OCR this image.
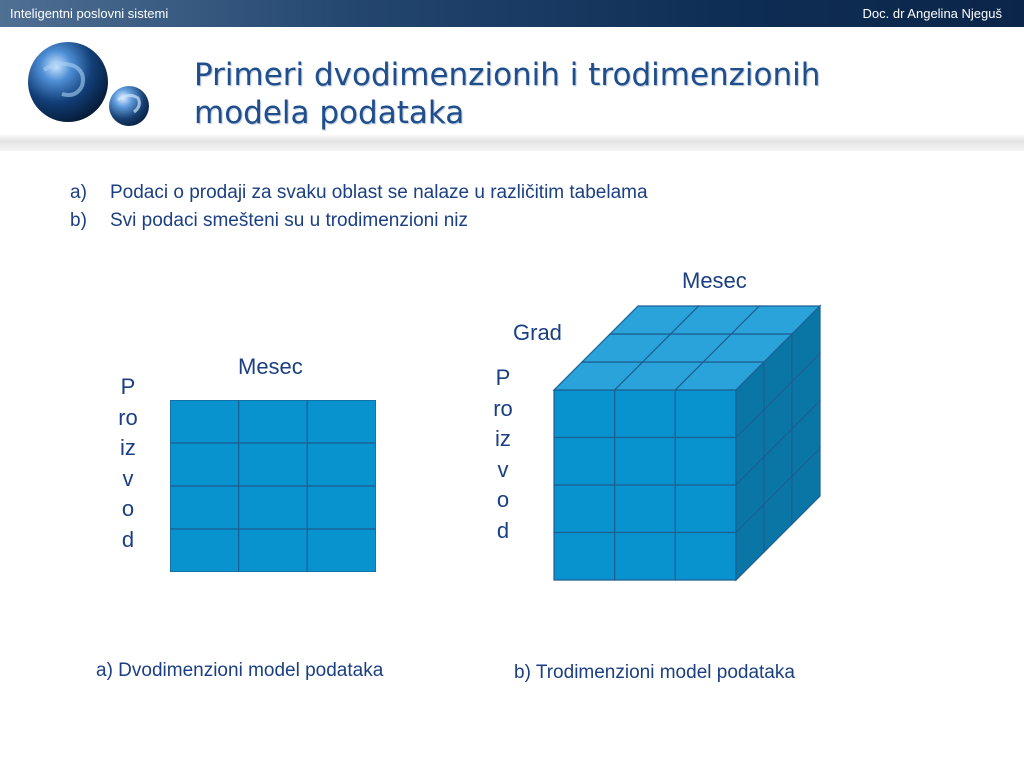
Inteligentni poslovni sistemi	Doc. dr Angelina Njeguš
Primeri dvodimenzionih i trodimenzionih
modela podataka
a) Podaci o prodaji za svaku oblast se nalaze u različitim tabelama
b) Svi podaci smešteni su u trodimenzioni niz
Mesec
Proizvod
a) Dvodimenzioni model podataka
Mesec
Grad
Proizvod
b) Trodimenzioni model podataka
